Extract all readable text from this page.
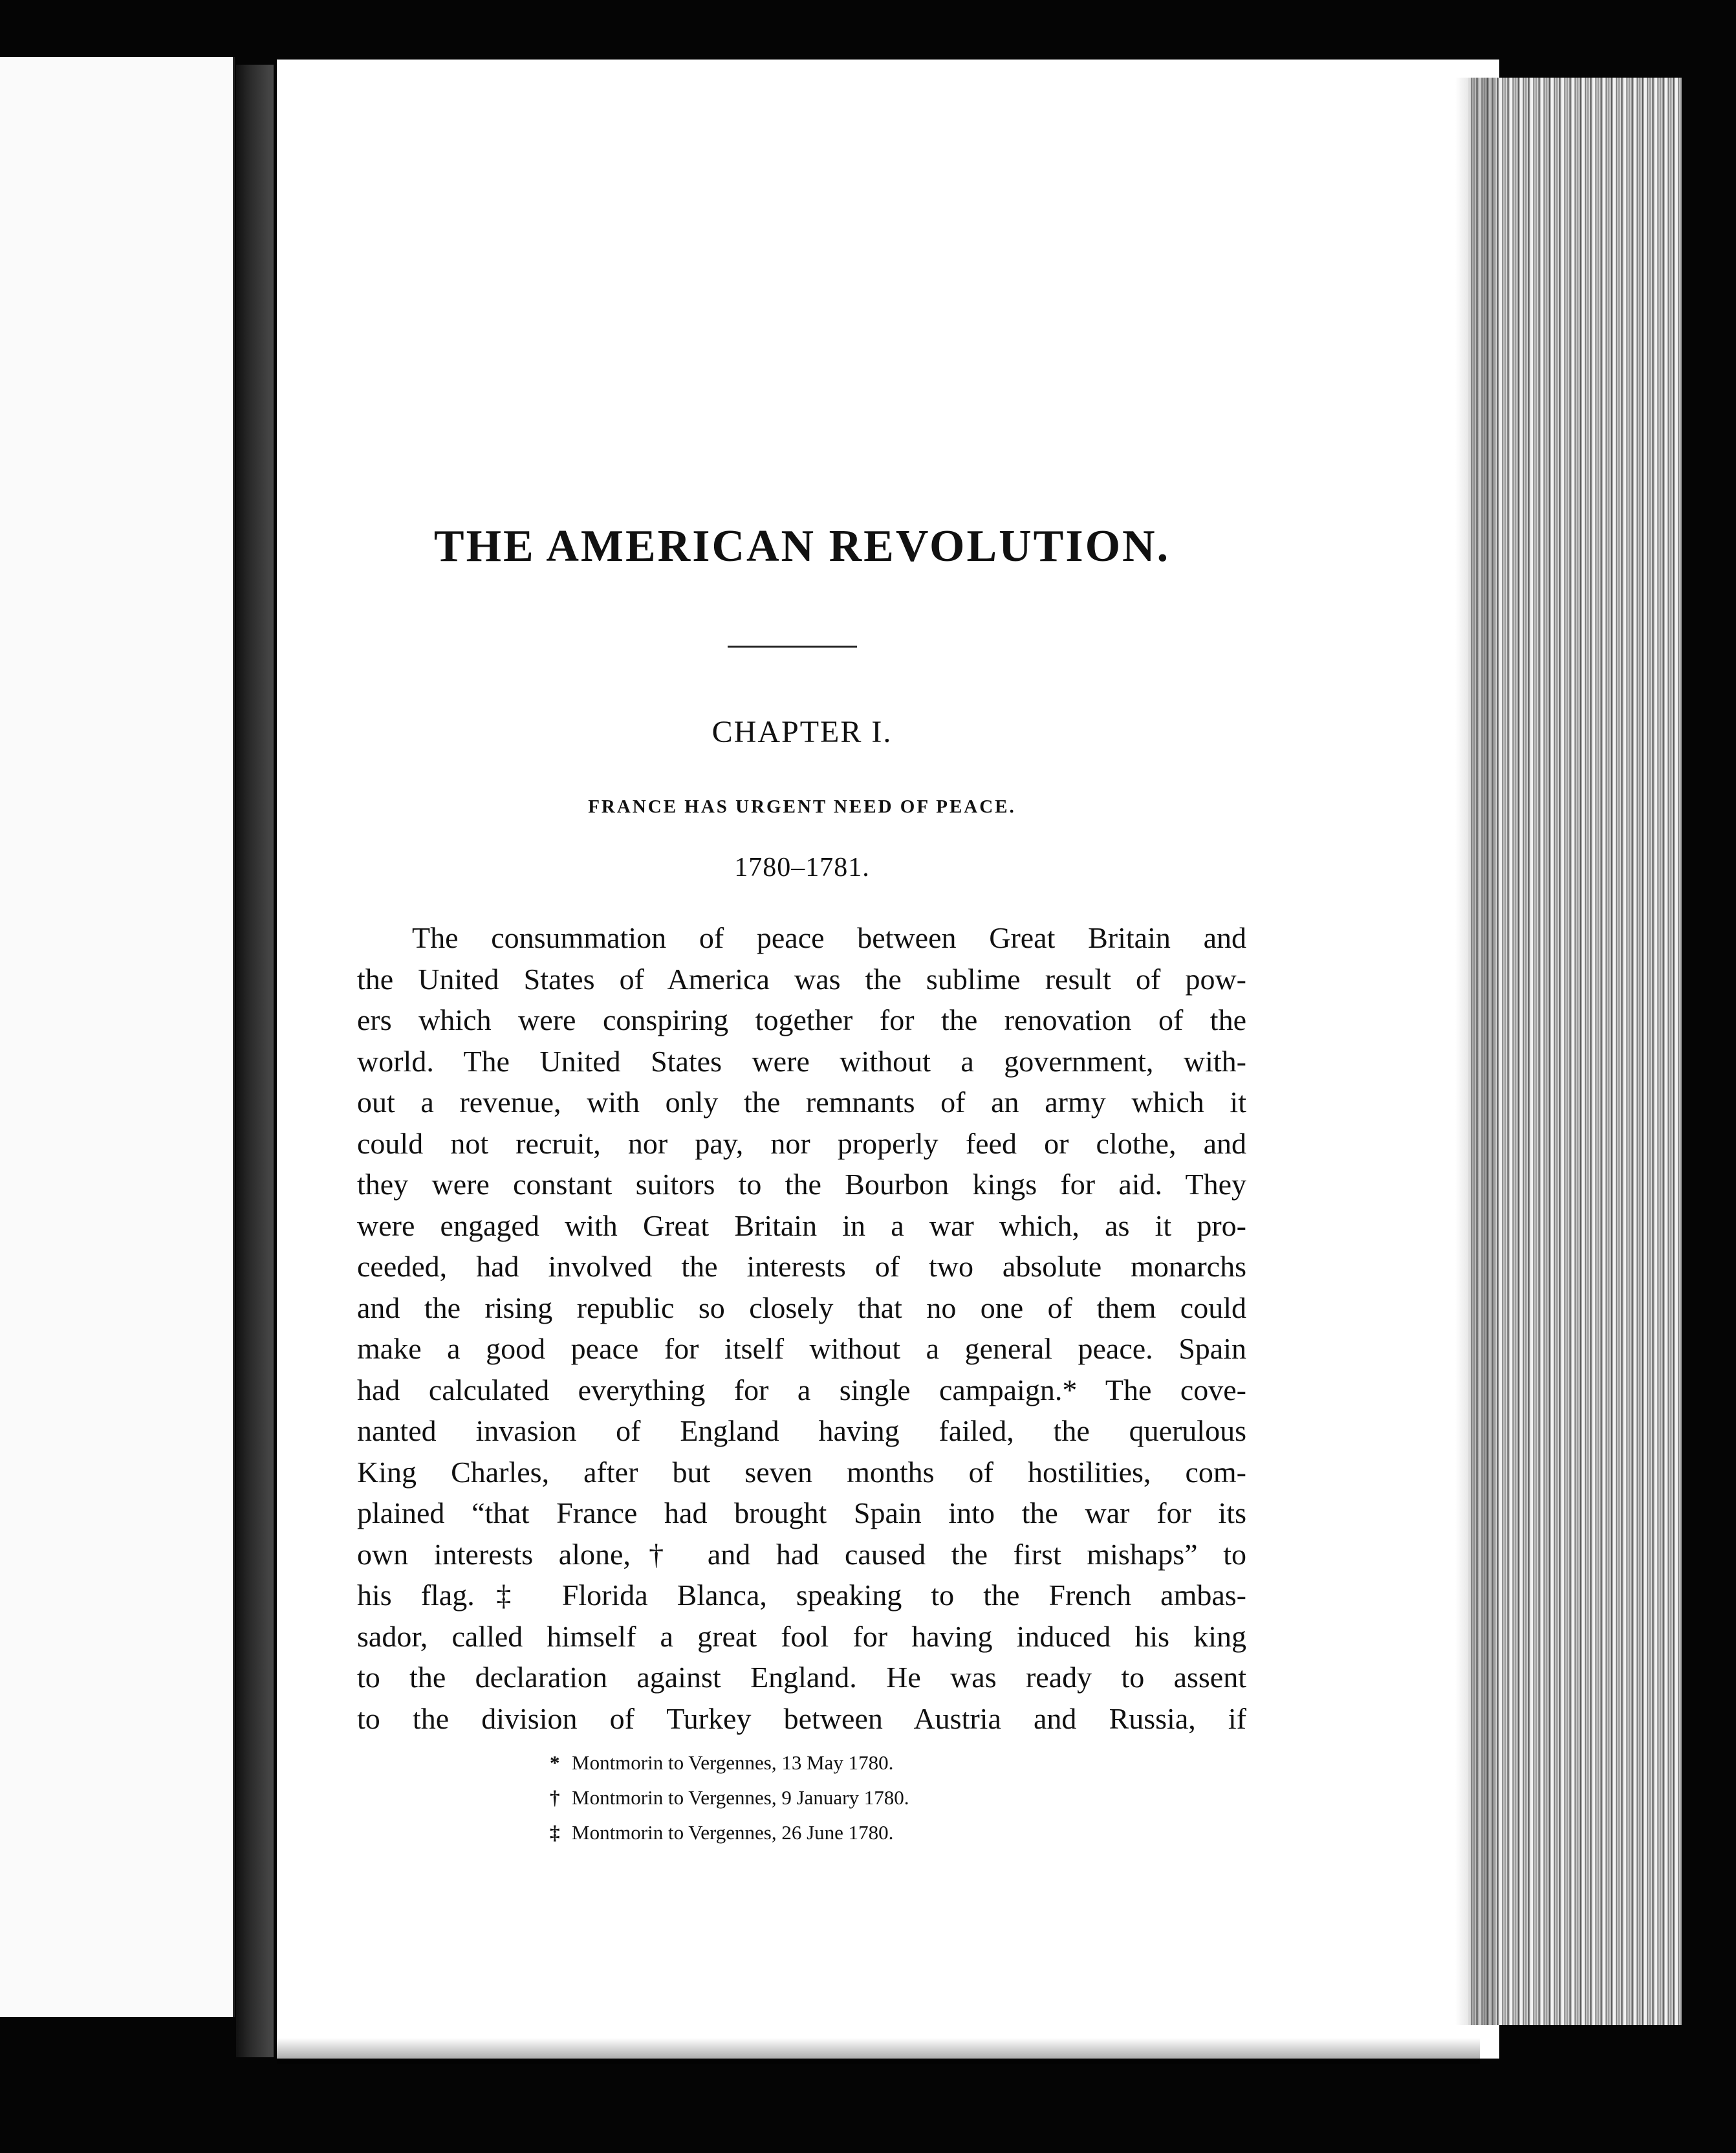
THE AMERICAN REVOLUTION.
CHAPTER I.
FRANCE HAS URGENT NEED OF PEACE.
1780–1781.

The consummation of peace between Great Britain and
the United States of America was the sublime result of pow-
ers which were conspiring together for the renovation of the
world. The United States were without a government, with-
out a revenue, with only the remnants of an army which it
could not recruit, nor pay, nor properly feed or clothe, and
they were constant suitors to the Bourbon kings for aid. They
were engaged with Great Britain in a war which, as it pro-
ceeded, had involved the interests of two absolute monarchs
and the rising republic so closely that no one of them could
make a good peace for itself without a general peace. Spain
had calculated everything for a single campaign.* The cove-
nanted invasion of England having failed, the querulous
King Charles, after but seven months of hostilities, com-
plained “that France had brought Spain into the war for its
own interests alone,† and had caused the first mishaps” to
his flag.‡ Florida Blanca, speaking to the French ambas-
sador, called himself a great fool for having induced his king
to the declaration against England. He was ready to assent
to the division of Turkey between Austria and Russia, if

* Montmorin to Vergennes, 13 May 1780.
† Montmorin to Vergennes, 9 January 1780.
‡ Montmorin to Vergennes, 26 June 1780.
